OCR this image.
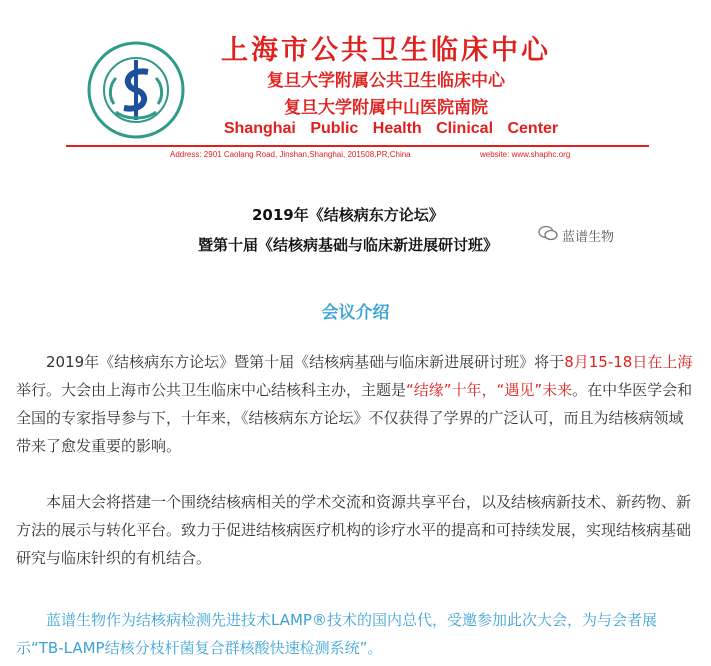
上海市公共卫生临床中心
复旦大学附属公共卫生临床中心
复旦大学附属中山医院南院
Shanghai Public Health Clinical Center
Address: 2901 Caolang Road, Jinshan,Shanghai, 201508,PR,China	website: www.shaphc.org
2019年《结核病东方论坛》
暨第十届《结核病基础与临床新进展研讨班》	蓝谱生物
会议介绍

2019年《结核病东方论坛》暨第十届《结核病基础与临床新进展研讨班》将于8月15-18日在上海举行。大会由上海市公共卫生临床中心结核科主办，主题是“结缘”十年，“遇见”未来。在中华医学会和全国的专家指导参与下，十年来，《结核病东方论坛》不仅获得了学界的广泛认可，而且为结核病领域带来了愈发重要的影响。

本届大会将搭建一个围绕结核病相关的学术交流和资源共享平台，以及结核病新技术、新药物、新方法的展示与转化平台。致力于促进结核病医疗机构的诊疗水平的提高和可持续发展，实现结核病基础研究与临床针织的有机结合。

蓝谱生物作为结核病检测先进技术LAMP®技术的国内总代，受邀参加此次大会，为与会者展示“TB-LAMP结核分枝杆菌复合群核酸快速检测系统”。
